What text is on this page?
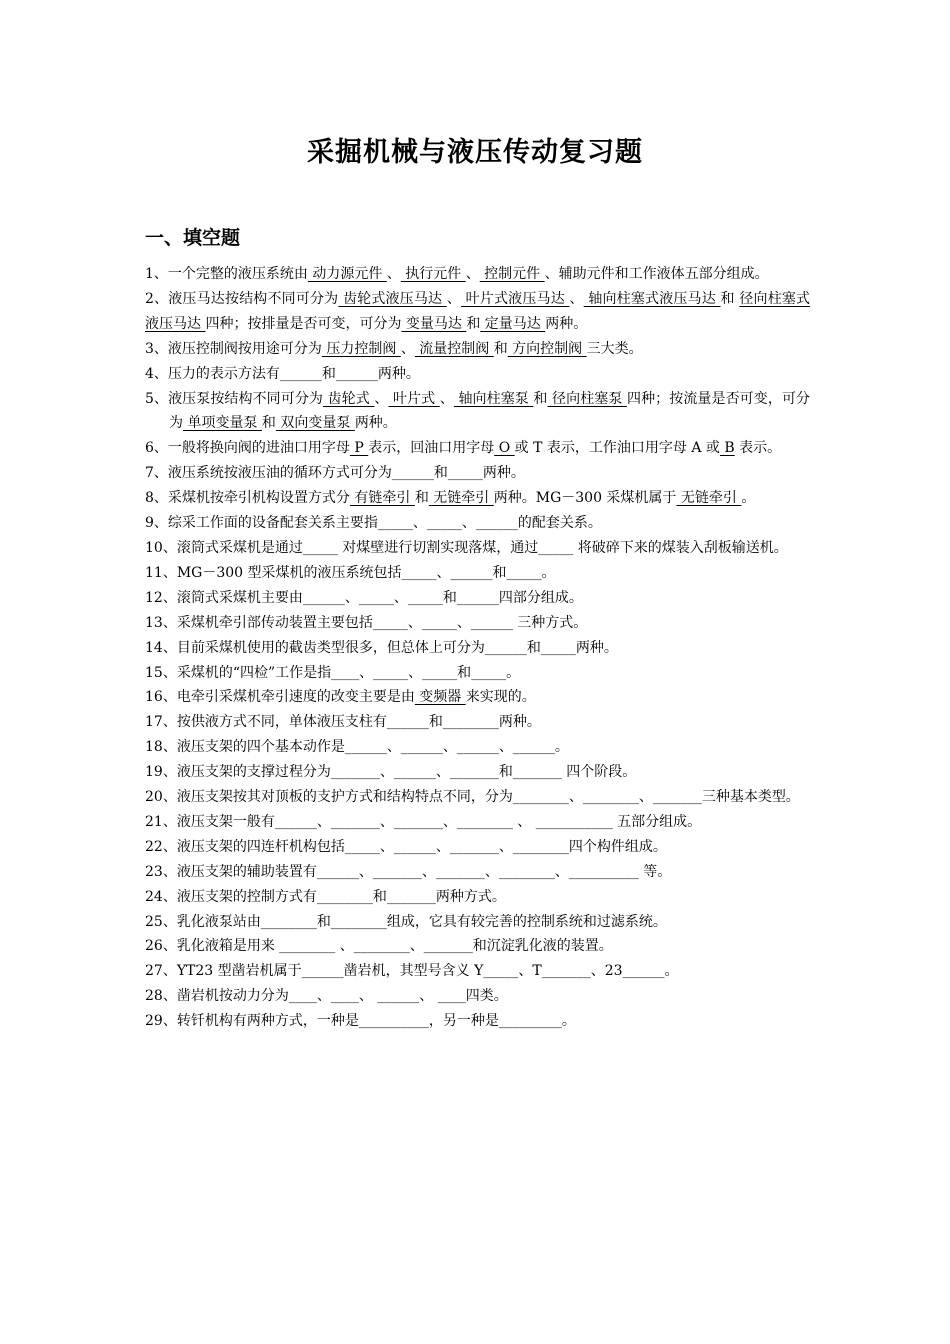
采掘机械与液压传动复习题
一、填空题

1、一个完整的液压系统由 动力源元件 、 执行元件 、 控制元件 、辅助元件和工作液体五部分组成。

2、液压马达按结构不同可分为 齿轮式液压马达 、 叶片式液压马达 、 轴向柱塞式液压马达 和 径向柱塞式液压马达 四种；按排量是否可变，可分为 变量马达 和 定量马达 两种。

3、液压控制阀按用途可分为 压力控制阀 、 流量控制阀 和 方向控制阀 三大类。

4、压力的表示方法有______和______两种。

5、液压泵按结构不同可分为 齿轮式 、 叶片式 、 轴向柱塞泵 和 径向柱塞泵 四种；按流量是否可变，可分为 单项变量泵 和 双向变量泵 两种。

6、一般将换向阀的进油口用字母 P 表示，回油口用字母 O 或 T 表示，工作油口用字母 A 或 B 表示。

7、液压系统按液压油的循环方式可分为______和_____两种。

8、采煤机按牵引机构设置方式分 有链牵引 和 无链牵引 两种。MG－300 采煤机属于 无链牵引 。

9、综采工作面的设备配套关系主要指_____、_____、______的配套关系。

10、滚筒式采煤机是通过_____ 对煤壁进行切割实现落煤，通过_____ 将破碎下来的煤装入刮板输送机。

11、MG－300 型采煤机的液压系统包括_____、______和_____。

12、滚筒式采煤机主要由______、_____、_____和______四部分组成。

13、采煤机牵引部传动装置主要包括_____、_____、______ 三种方式。

14、目前采煤机使用的截齿类型很多，但总体上可分为______和_____两种。

15、采煤机的“四检”工作是指____、_____、_____和_____。

16、电牵引采煤机牵引速度的改变主要是由 变频器 来实现的。

17、按供液方式不同，单体液压支柱有______和________两种。

18、液压支架的四个基本动作是______、______、______、______。

19、液压支架的支撑过程分为_______、______、_______和_______ 四个阶段。

20、液压支架按其对顶板的支护方式和结构特点不同，分为________、________、_______三种基本类型。

21、液压支架一般有______、_______、_______、________ 、 ___________ 五部分组成。

22、液压支架的四连杆机构包括_____、______、_______、________四个构件组成。

23、液压支架的辅助装置有______、_______、_______、________、__________ 等。

24、液压支架的控制方式有________和_______两种方式。

25、乳化液泵站由________和________组成，它具有较完善的控制系统和过滤系统。

26、乳化液箱是用来 ________ 、________、_______和沉淀乳化液的装置。

27、YT23 型凿岩机属于______凿岩机，其型号含义 Y_____、T_______、23______。

28、凿岩机按动力分为____、____、 ______、 ____四类。

29、转钎机构有两种方式，一种是__________，另一种是_________。
